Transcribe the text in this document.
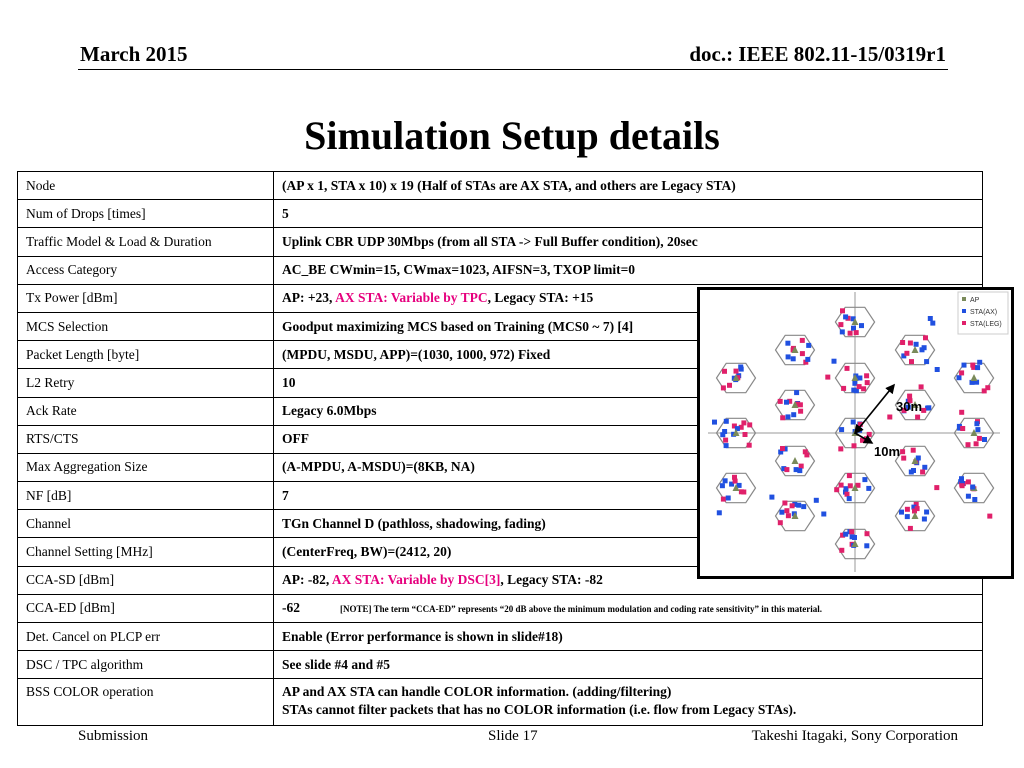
March 2015	doc.: IEEE 802.11-15/0319r1
Simulation Setup details
Node	(AP x 1, STA x 10) x 19 (Half of STAs are AX STA, and others are Legacy STA)
Num of Drops [times]	5
Traffic Model & Load & Duration	Uplink CBR UDP 30Mbps (from all STA -> Full Buffer condition), 20sec
Access Category	AC_BE CWmin=15, CWmax=1023, AIFSN=3, TXOP limit=0
Tx Power [dBm]	AP: +23, AX STA: Variable by TPC, Legacy STA: +15
MCS Selection	Goodput maximizing MCS based on Training (MCS0 ~ 7) [4]
Packet Length [byte]	(MPDU, MSDU, APP)=(1030, 1000, 972) Fixed
L2 Retry	10
Ack Rate	Legacy 6.0Mbps
RTS/CTS	OFF
Max Aggregation Size	(A-MPDU, A-MSDU)=(8KB, NA)
NF [dB]	7
Channel	TGn Channel D (pathloss, shadowing, fading)
Channel Setting [MHz]	(CenterFreq, BW)=(2412, 20)
CCA-SD [dBm]	AP: -82, AX STA: Variable by DSC[3], Legacy STA: -82
CCA-ED [dBm]	-62 [NOTE] The term “CCA-ED” represents “20 dB above the minimum modulation and coding rate sensitivity” in this material.
Det. Cancel on PLCP err	Enable (Error performance is shown in slide#18)
DSC / TPC algorithm	See slide #4 and #5
BSS COLOR operation	AP and AX STA can handle COLOR information. (adding/filtering)
STAs cannot filter packets that has no COLOR information (i.e. flow from Legacy STAs).
AP
STA(AX)
STA(LEG)
30m
10m
Submission	Slide 17	Takeshi Itagaki, Sony Corporation
